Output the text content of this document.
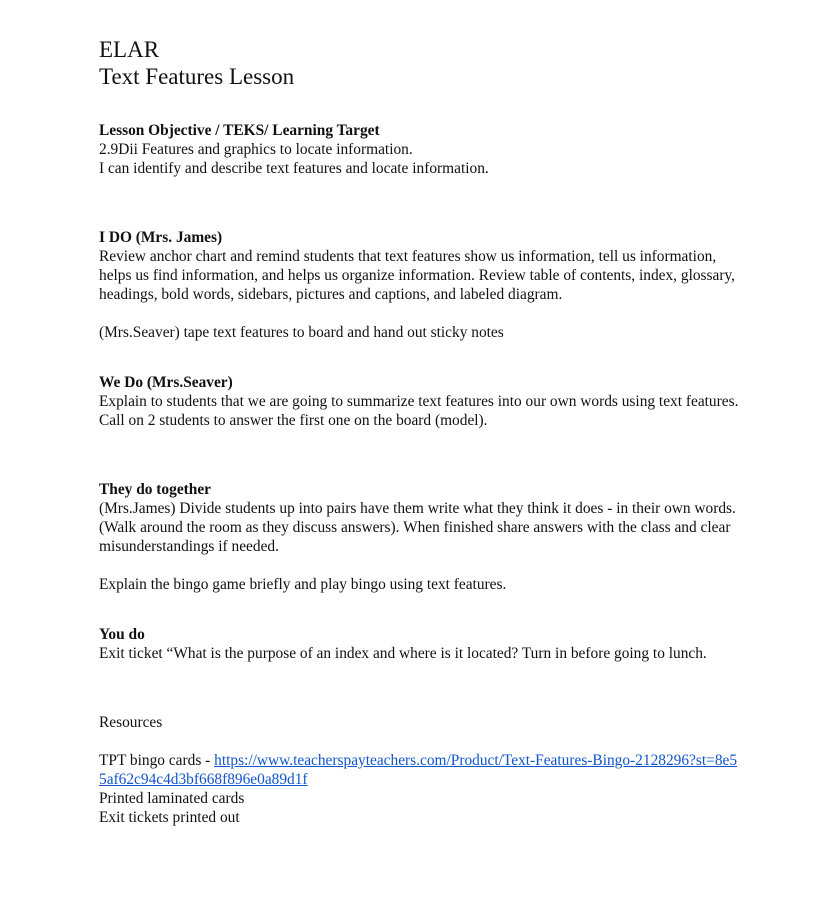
ELAR
Text Features Lesson

Lesson Objective / TEKS/ Learning Target

2.9Dii Features and graphics to locate information.

I can identify and describe text features and locate information.

I DO (Mrs. James)

Review anchor chart and remind students that text features show us information, tell us information, helps us find information, and helps us organize information. Review table of contents, index, glossary, headings, bold words, sidebars, pictures and captions, and labeled diagram.

(Mrs.Seaver) tape text features to board and hand out sticky notes

We Do (Mrs.Seaver)

Explain to students that we are going to summarize text features into our own words using text features. Call on 2 students to answer the first one on the board (model).

They do together

(Mrs.James) Divide students up into pairs have them write what they think it does - in their own words. (Walk around the room as they discuss answers). When finished share answers with the class and clear misunderstandings if needed.

Explain the bingo game briefly and play bingo using text features.

You do

Exit ticket “What is the purpose of an index and where is it located? Turn in before going to lunch.

Resources

TPT bingo cards - https://www.teacherspayteachers.com/Product/Text-Features-Bingo-2128296?st=8e55af62c94c4d3bf668f896e0a89d1f

Printed laminated cards

Exit tickets printed out
